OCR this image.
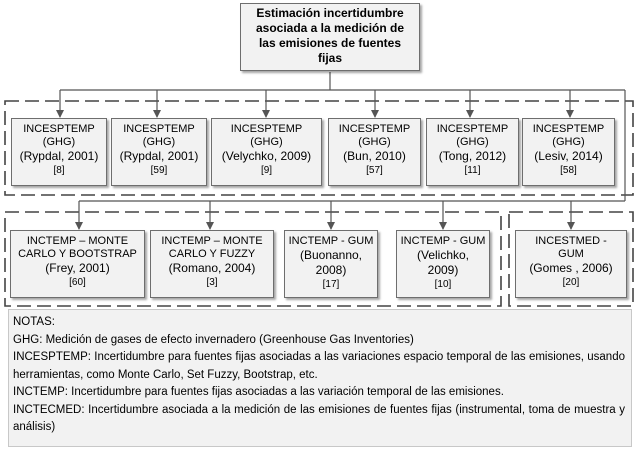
Estimación incertidumbre
asociada a la medición de
las emisiones de fuentes
fijas
INCESPTEMP
(GHG)
(Rypdal, 2001)
[8]
INCESPTEMP
(GHG)
(Rypdal, 2001)
[59]
INCESPTEMP
(GHG)
(Velychko, 2009)
[9]
INCESPTEMP
(GHG)
(Bun, 2010)
[57]
INCESPTEMP
(GHG)
(Tong, 2012)
[11]
INCESPTEMP
(GHG)
(Lesiv, 2014)
[58]
INCTEMP – MONTE
CARLO Y BOOTSTRAP
(Frey, 2001)
[60]
INCTEMP – MONTE
CARLO Y FUZZY
(Romano, 2004)
[3]
INCTEMP - GUM
(Buonanno,
2008)
[17]
INCTEMP - GUM
(Velichko,
2009)
[10]
INCESTMED -
GUM
(Gomes , 2006)
[20]

NOTAS:

GHG: Medición de gases de efecto invernadero (Greenhouse Gas Inventories)

INCESPTEMP: Incertidumbre para fuentes fijas asociadas a las variaciones espacio temporal de las emisiones, usando herramientas, como Monte Carlo, Set Fuzzy, Bootstrap, etc.

INCTEMP: Incertidumbre para fuentes fijas asociadas a las variación temporal de las emisiones.

INCTECMED: Incertidumbre asociada a la medición de las emisiones de fuentes fijas (instrumental, toma de muestra y análisis)
